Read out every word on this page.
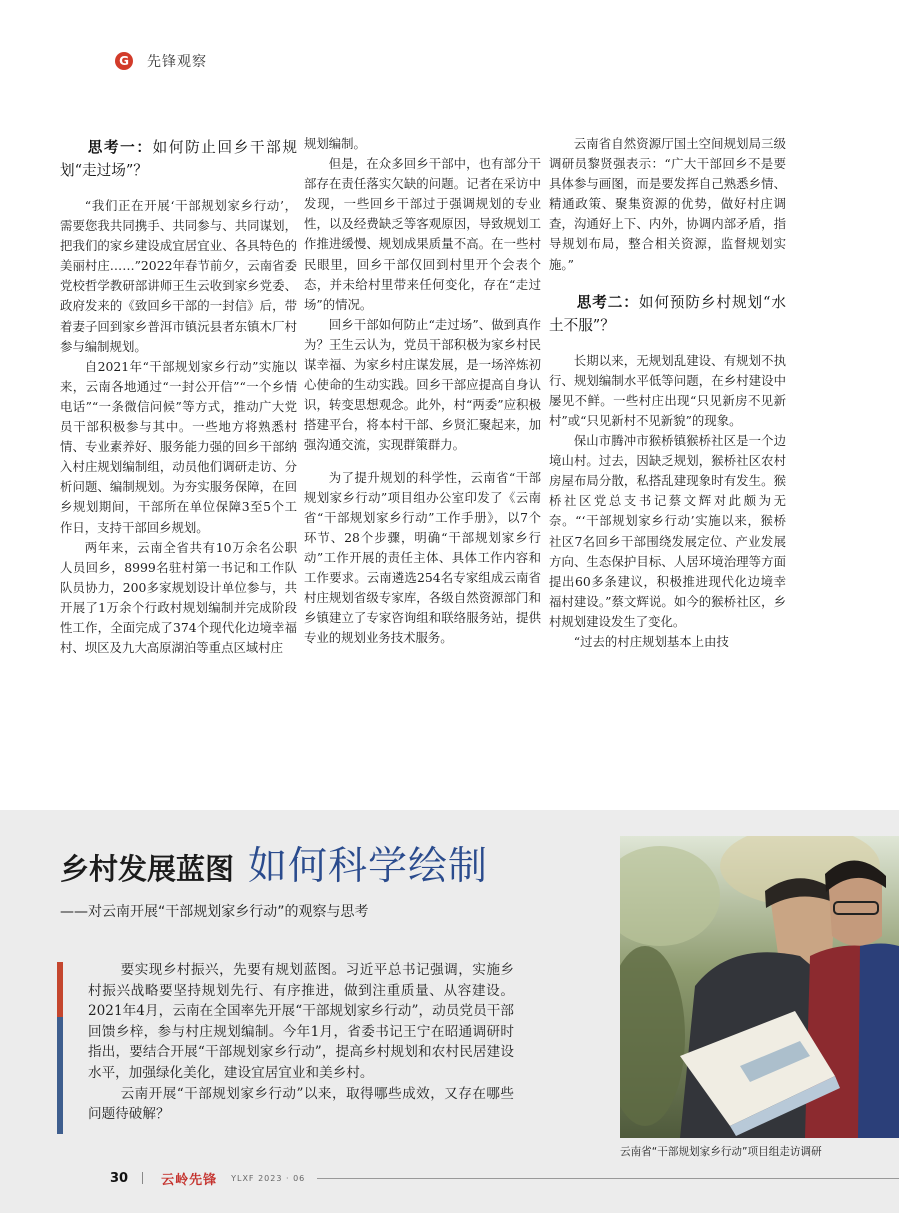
G 先锋观察
思考一：如何防止回乡干部规划“走过场”？

“我们正在开展‘干部规划家乡行动’，需要您我共同携手、共同参与、共同谋划，把我们的家乡建设成宜居宜业、各具特色的美丽村庄……”2022年春节前夕，云南省委党校哲学教研部讲师王生云收到家乡党委、政府发来的《致回乡干部的一封信》后，带着妻子回到家乡普洱市镇沅县者东镇木厂村参与编制规划。

自2021年“干部规划家乡行动”实施以来，云南各地通过“一封公开信”“一个乡情电话”“一条微信问候”等方式，推动广大党员干部积极参与其中。一些地方将熟悉村情、专业素养好、服务能力强的回乡干部纳入村庄规划编制组，动员他们调研走访、分析问题、编制规划。为夯实服务保障，在回乡规划期间，干部所在单位保障3至5个工作日，支持干部回乡规划。

两年来，云南全省共有10万余名公职人员回乡，8999名驻村第一书记和工作队队员协力，200多家规划设计单位参与，共开展了1万余个行政村规划编制并完成阶段性工作，全面完成了374个现代化边境幸福村、坝区及九大高原湖泊等重点区域村庄

规划编制。

但是，在众多回乡干部中，也有部分干部存在责任落实欠缺的问题。记者在采访中发现，一些回乡干部过于强调规划的专业性，以及经费缺乏等客观原因，导致规划工作推进缓慢、规划成果质量不高。在一些村民眼里，回乡干部仅回到村里开个会表个态，并未给村里带来任何变化，存在“走过场”的情况。

回乡干部如何防止“走过场”、做到真作为？王生云认为，党员干部积极为家乡村民谋幸福、为家乡村庄谋发展，是一场淬炼初心使命的生动实践。回乡干部应提高自身认识，转变思想观念。此外，村“两委”应积极搭建平台，将本村干部、乡贤汇聚起来，加强沟通交流，实现群策群力。

为了提升规划的科学性，云南省“干部规划家乡行动”项目组办公室印发了《云南省“干部规划家乡行动”工作手册》，以7个环节、28个步骤，明确“干部规划家乡行动”工作开展的责任主体、具体工作内容和工作要求。云南遴选254名专家组成云南省村庄规划省级专家库，各级自然资源部门和乡镇建立了专家咨询组和联络服务站，提供专业的规划业务技术服务。

云南省自然资源厅国土空间规划局三级调研员黎贤强表示：“广大干部回乡不是要具体参与画图，而是要发挥自己熟悉乡情、精通政策、聚集资源的优势，做好村庄调查，沟通好上下、内外，协调内部矛盾，指导规划布局，整合相关资源，监督规划实施。”

思考二：如何预防乡村规划“水土不服”？

长期以来，无规划乱建设、有规划不执行、规划编制水平低等问题，在乡村建设中屡见不鲜。一些村庄出现“只见新房不见新村”或“只见新村不见新貌”的现象。

保山市腾冲市猴桥镇猴桥社区是一个边境山村。过去，因缺乏规划，猴桥社区农村房屋布局分散，私搭乱建现象时有发生。猴桥社区党总支书记蔡文辉对此颇为无奈。“‘干部规划家乡行动’实施以来，猴桥社区7名回乡干部围绕发展定位、产业发展方向、生态保护目标、人居环境治理等方面提出60多条建议，积极推进现代化边境幸福村建设。”蔡文辉说。如今的猴桥社区，乡村规划建设发生了变化。

“过去的村庄规划基本上由技

乡村发展蓝图 如何科学绘制
——对云南开展“干部规划家乡行动”的观察与思考

要实现乡村振兴，先要有规划蓝图。习近平总书记强调，实施乡村振兴战略要坚持规划先行、有序推进，做到注重质量、从容建设。2021年4月，云南在全国率先开展“干部规划家乡行动”，动员党员干部回馈乡梓，参与村庄规划编制。今年1月，省委书记王宁在昭通调研时指出，要结合开展“干部规划家乡行动”，提高乡村规划和农村民居建设水平，加强绿化美化，建设宜居宜业和美乡村。

云南开展“干部规划家乡行动”以来，取得哪些成效，又存在哪些问题待破解？

云南省“干部规划家乡行动”项目组走访调研
30	云岭先锋 YLXF 2023 · 06
